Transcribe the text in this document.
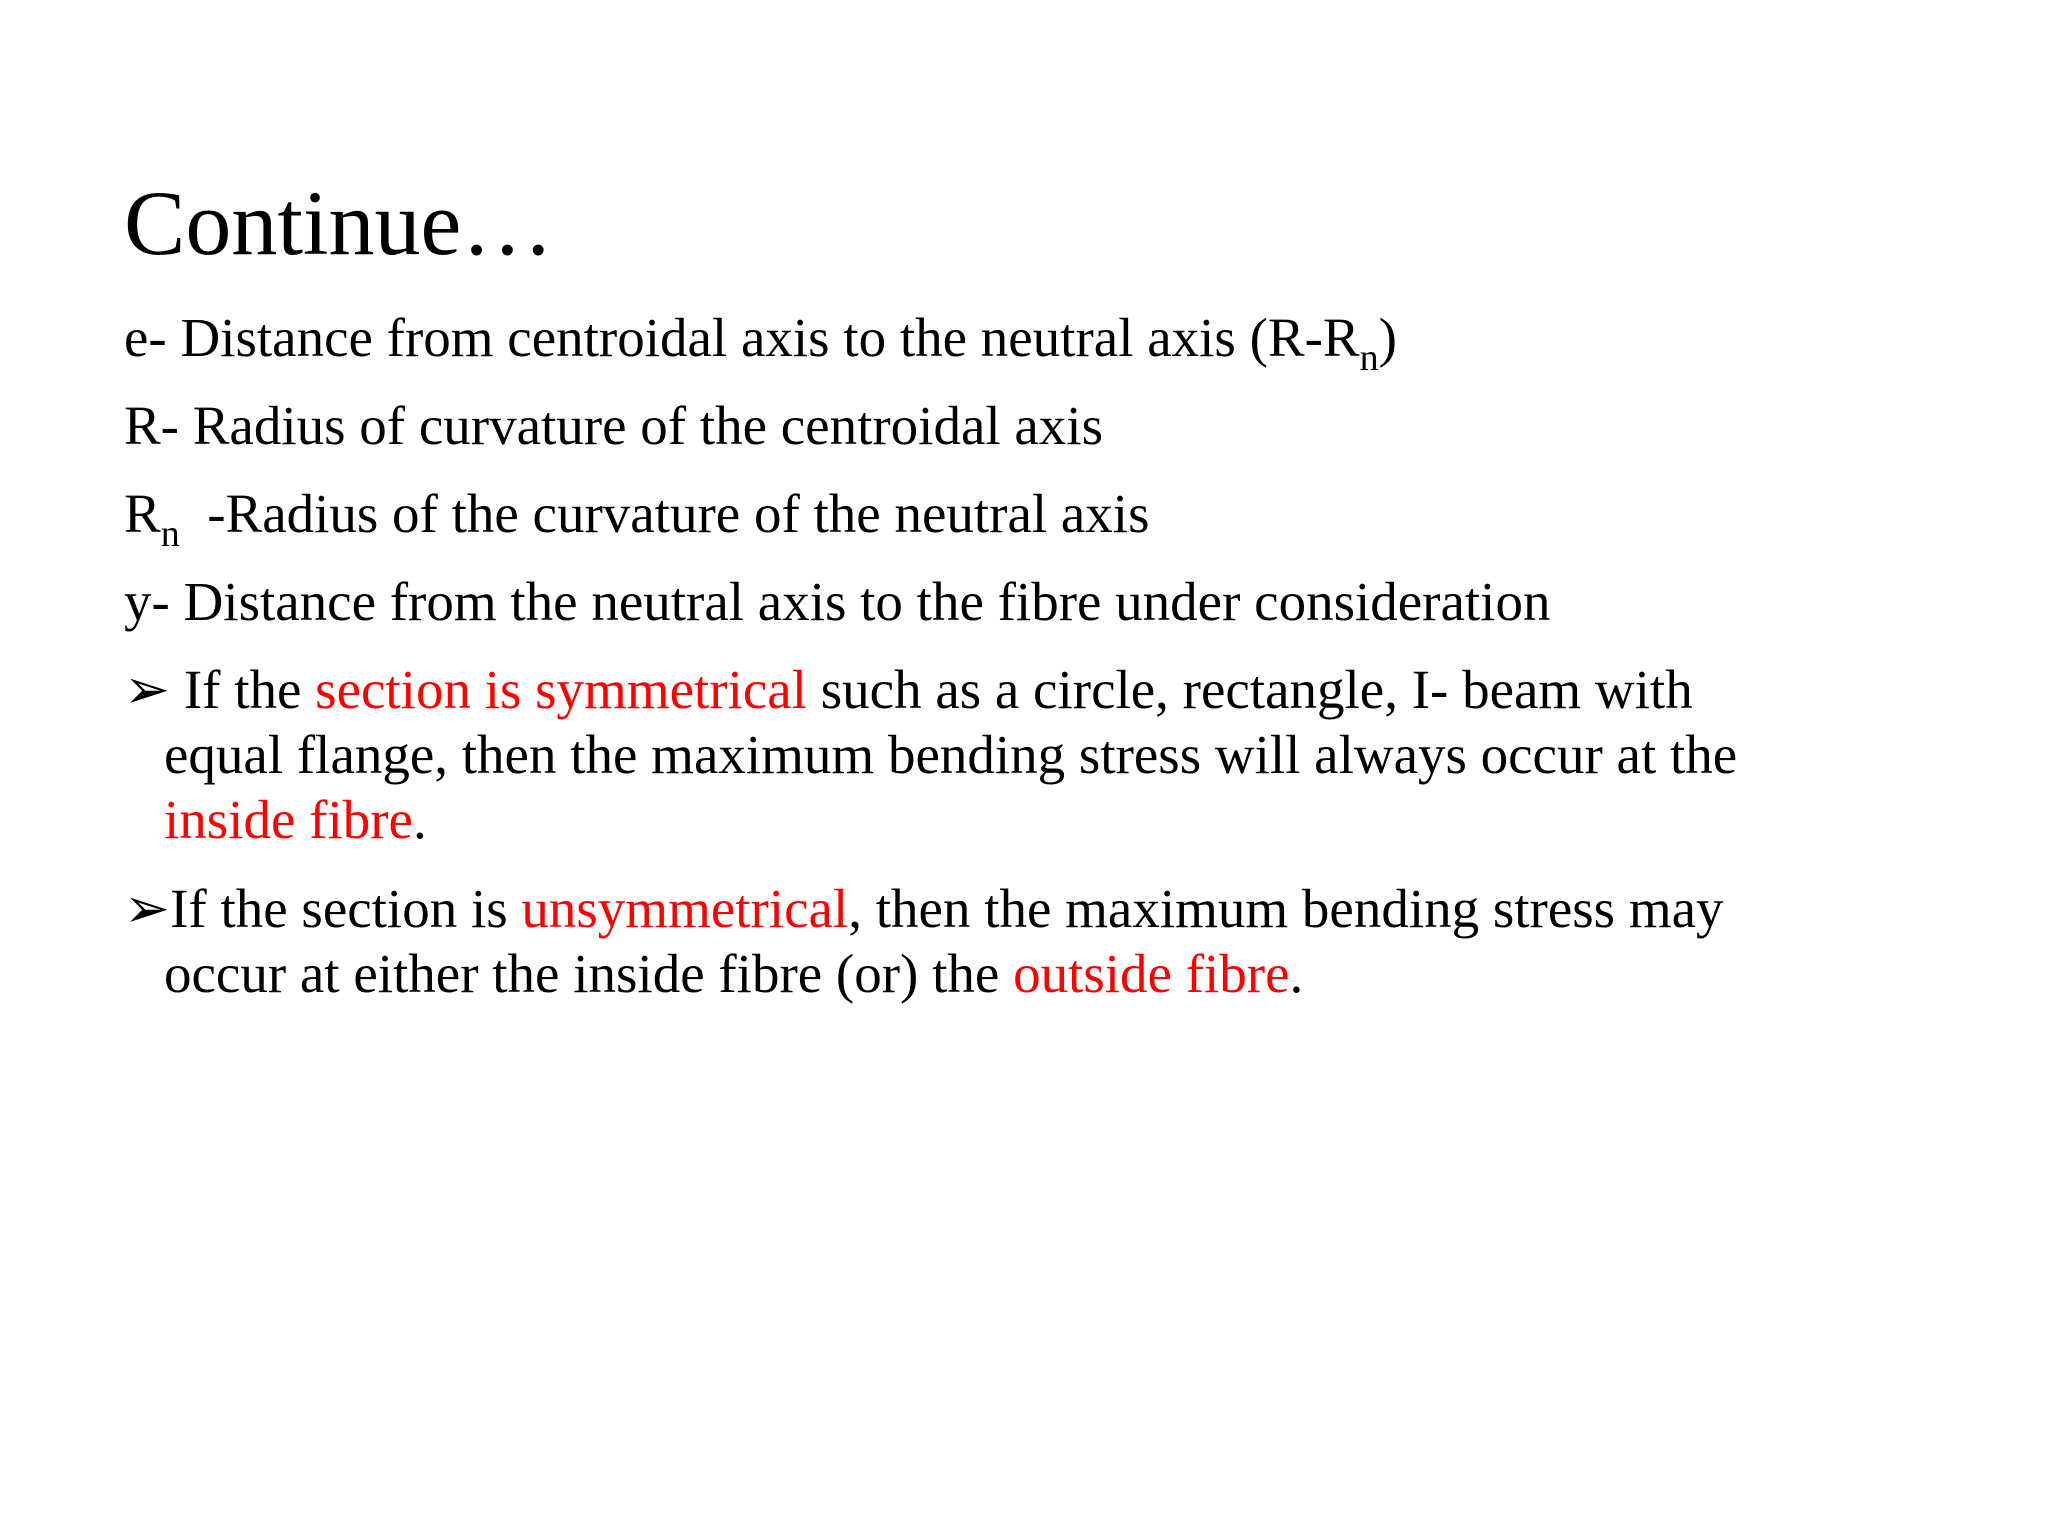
Continue…
e- Distance from centroidal axis to the neutral axis $(R-R_n)$
R- Radius of curvature of the centroidal axis
$R_n$  -Radius of the curvature of the neutral axis
y- Distance from the neutral axis to the fibre under consideration
➢ If the section is symmetrical such as a circle, rectangle, I- beam with
equal flange, then the maximum bending stress will always occur at the
inside fibre.
➢If the section is unsymmetrical, then the maximum bending stress may
occur at either the inside fibre (or) the outside fibre.
